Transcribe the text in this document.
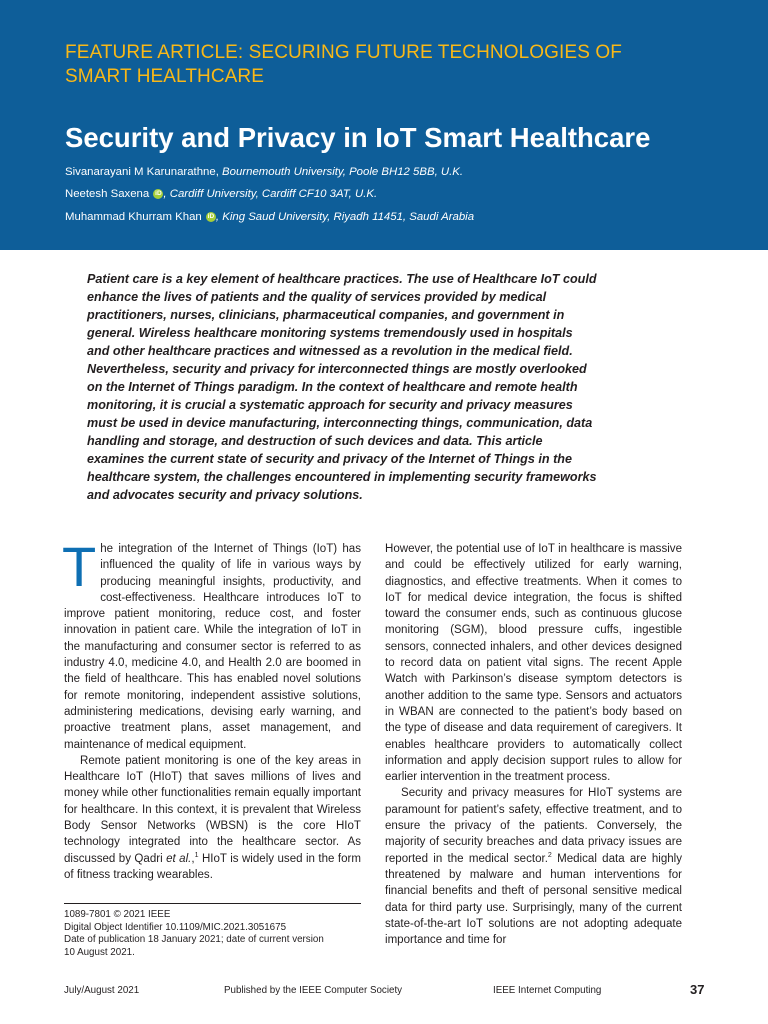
FEATURE ARTICLE: SECURING FUTURE TECHNOLOGIES OF
SMART HEALTHCARE
Security and Privacy in IoT Smart Healthcare
Sivanarayani M Karunarathne, Bournemouth University, Poole BH12 5BB, U.K.
Neetesh Saxena iD , Cardiff University, Cardiff CF10 3AT, U.K.
Muhammad Khurram Khan iD , King Saud University, Riyadh 11451, Saudi Arabia
Patient care is a key element of healthcare practices. The use of Healthcare IoT could enhance the lives of patients and the quality of services provided by medical practitioners, nurses, clinicians, pharmaceutical companies, and government in general. Wireless healthcare monitoring systems tremendously used in hospitals and other healthcare practices and witnessed as a revolution in the medical field. Nevertheless, security and privacy for interconnected things are mostly overlooked on the Internet of Things paradigm. In the context of healthcare and remote health monitoring, it is crucial a systematic approach for security and privacy measures must be used in device manufacturing, interconnecting things, communication, data handling and storage, and destruction of such devices and data. This article examines the current state of security and privacy of the Internet of Things in the healthcare system, the challenges encountered in implementing security frameworks and advocates security and privacy solutions.

The integration of the Internet of Things (IoT) has influenced the quality of life in various ways by producing meaningful insights, productivity, and cost-effectiveness. Healthcare introduces IoT to improve patient monitoring, reduce cost, and foster innovation in patient care. While the integration of IoT in the manufacturing and consumer sector is referred to as industry 4.0, medicine 4.0, and Health 2.0 are boomed in the field of healthcare. This has enabled novel solutions for remote monitoring, independent assistive solutions, administering medications, devising early warning, and proactive treatment plans, asset management, and maintenance of medical equipment.

Remote patient monitoring is one of the key areas in Healthcare IoT (HIoT) that saves millions of lives and money while other functionalities remain equally important for healthcare. In this context, it is prevalent that Wireless Body Sensor Networks (WBSN) is the core HIoT technology integrated into the healthcare sector. As discussed by Qadri et al.,$^1$ HIoT is widely used in the form of fitness tracking wearables.

However, the potential use of IoT in healthcare is massive and could be effectively utilized for early warning, diagnostics, and effective treatments. When it comes to IoT for medical device integration, the focus is shifted toward the consumer ends, such as continuous glucose monitoring (SGM), blood pressure cuffs, ingestible sensors, connected inhalers, and other devices designed to record data on patient vital signs. The recent Apple Watch with Parkinson’s disease symptom detectors is another addition to the same type. Sensors and actuators in WBAN are connected to the patient’s body based on the type of disease and data requirement of caregivers. It enables healthcare providers to automatically collect information and apply decision support rules to allow for earlier intervention in the treatment process.

Security and privacy measures for HIoT systems are paramount for patient’s safety, effective treatment, and to ensure the privacy of the patients. Conversely, the majority of security breaches and data privacy issues are reported in the medical sector.$^2$ Medical data are highly threatened by malware and human interventions for financial benefits and theft of personal sensitive medical data for third party use. Surprisingly, many of the current state-of-the-art IoT solutions are not adopting adequate importance and time for

1089-7801 © 2021 IEEE
Digital Object Identifier 10.1109/MIC.2021.3051675
Date of publication 18 January 2021; date of current version
10 August 2021.
July/August 2021	Published by the IEEE Computer Society	IEEE Internet Computing	37
